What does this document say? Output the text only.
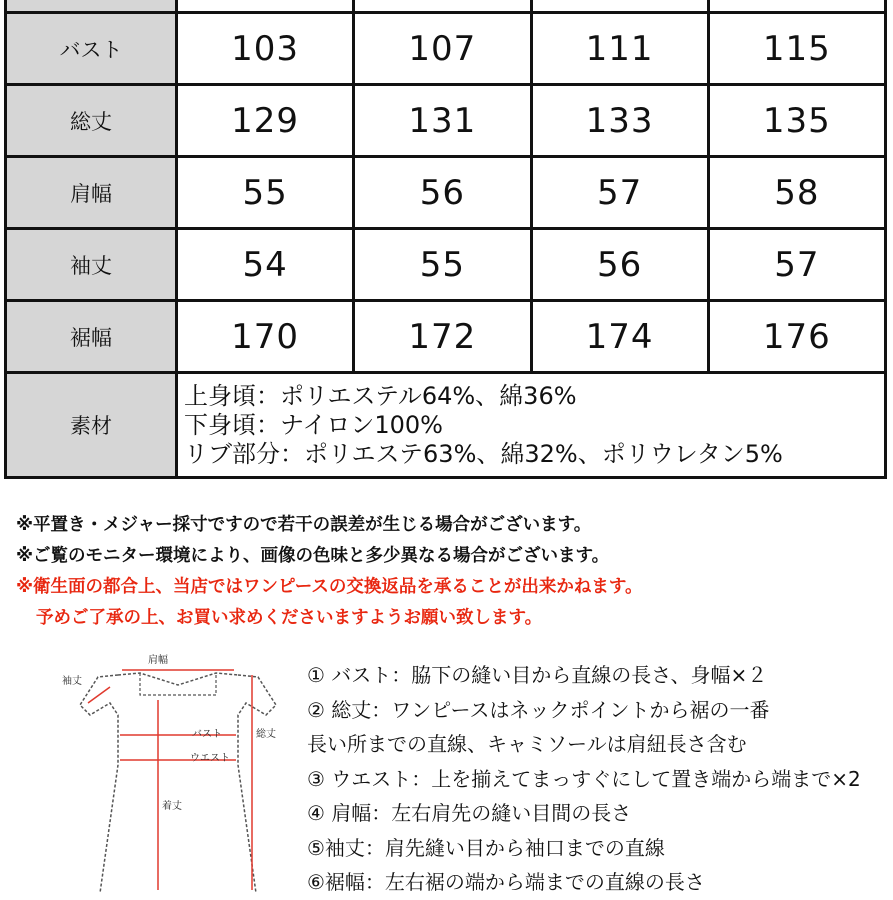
バスト	103	107	111	115
総丈	129	131	133	135
肩幅	55	56	57	58
袖丈	54	55	56	57
裾幅	170	172	174	176
素材	上身頃：ポリエステル64%、綿36%
下身頃：ナイロン100%
リブ部分：ポリエステ63%、綿32%、ポリウレタン5%			
※平置き・メジャー採寸ですので若干の誤差が生じる場合がございます。
※ご覧のモニター環境により、画像の色味と多少異なる場合がございます。
※衛生面の都合上、当店ではワンピースの交換返品を承ることが出来かねます。
予めご了承の上、お買い求めくださいますようお願い致します。
肩幅
袖丈
バスト
ウエスト
総丈
着丈
① バスト：脇下の縫い目から直線の長さ、身幅×２
② 総丈：ワンピースはネックポイントから裾の一番
長い所までの直線、キャミソールは肩紐長さ含む
③ ウエスト：上を揃えてまっすぐにして置き端から端まで×2
④ 肩幅：左右肩先の縫い目間の長さ
⑤袖丈：肩先縫い目から袖口までの直線
⑥裾幅：左右裾の端から端までの直線の長さ
